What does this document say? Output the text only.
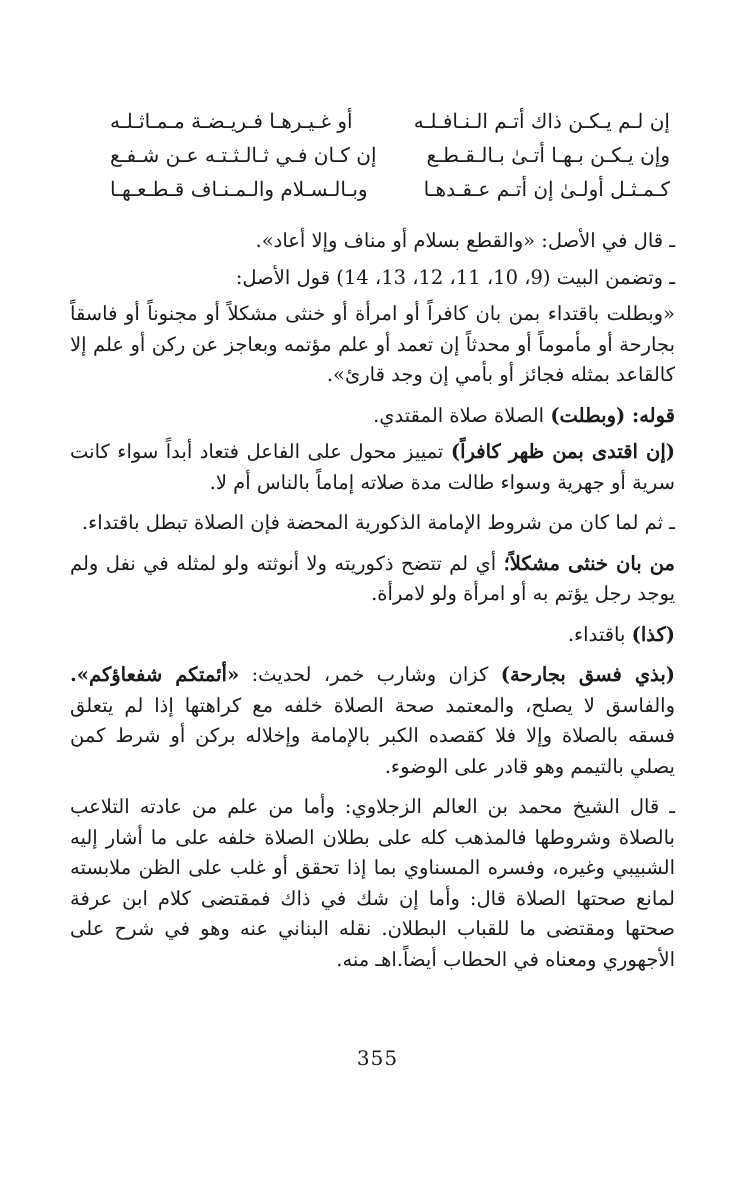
إن لـم يـكـن ذاك أتـم الـنـافـلـه
أو غـيـرهـا فـريـضـة مـمـاثـلـه
وإن يـكـن بـهـا أتـىٰ بـالـقـطـع
إن كـان فـي ثـالـثـتـه عـن شـفـع
كـمـثـل أولـىٰ إن أتـم عـقـدهـا
وبـالـسـلام والـمـنـاف قـطـعـهـا

ـ قال في الأصل: «والقطع بسلام أو مناف وإلا أعاد».

ـ وتضمن البيت (9، 10، 11، 12، 13، 14) قول الأصل:

«وبطلت باقتداء بمن بان كافراً أو امرأة أو خنثى مشكلاً أو مجنوناً أو فاسقاً بجارحة أو مأموماً أو محدثاً إن تعمد أو علم مؤتمه وبعاجز عن ركن أو علم إلا كالقاعد بمثله فجائز أو بأمي إن وجد قارئ».

قوله: (وبطلت) الصلاة صلاة المقتدي.

(إن اقتدى بمن ظهر كافراً) تمييز محول على الفاعل فتعاد أبداً سواء كانت سرية أو جهرية وسواء طالت مدة صلاته إماماً بالناس أم لا.

ـ ثم لما كان من شروط الإمامة الذكورية المحضة فإن الصلاة تبطل باقتداء.

من بان خنثى مشكلاً؛ أي لم تتضح ذكوريته ولا أنوثته ولو لمثله في نفل ولم يوجد رجل يؤتم به أو امرأة ولو لامرأة.

(كذا) باقتداء.

(بذي فسق بجارحة) كزان وشارب خمر، لحديث: «أئمتكم شفعاؤكم». والفاسق لا يصلح، والمعتمد صحة الصلاة خلفه مع كراهتها إذا لم يتعلق فسقه بالصلاة وإلا فلا كقصده الكبر بالإمامة وإخلاله بركن أو شرط كمن يصلي بالتيمم وهو قادر على الوضوء.

ـ قال الشيخ محمد بن العالم الزجلاوي: وأما من علم من عادته التلاعب بالصلاة وشروطها فالمذهب كله على بطلان الصلاة خلفه على ما أشار إليه الشبيبي وغيره، وفسره المسناوي بما إذا تحقق أو غلب على الظن ملابسته لمانع صحتها الصلاة قال: وأما إن شك في ذاك فمقتضى كلام ابن عرفة صحتها ومقتضى ما للقباب البطلان. نقله البناني عنه وهو في شرح على الأجهوري ومعناه في الحطاب أيضاً.اهـ منه.

355
